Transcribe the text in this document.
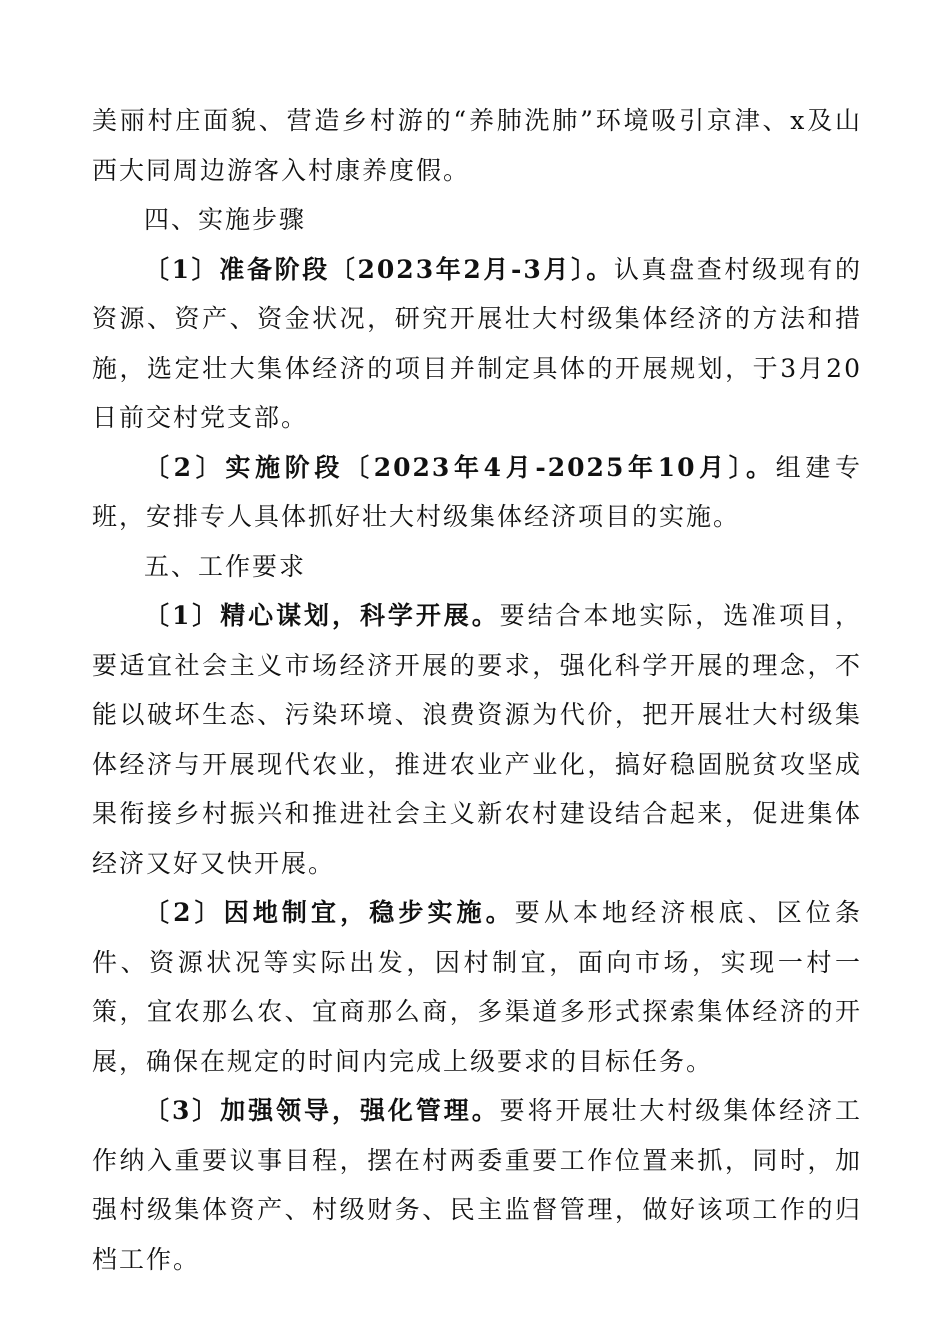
美丽村庄面貌、营造乡村游的“养肺洗肺”环境吸引京津、x及山西大同周边游客入村康养度假。

四、实施步骤

〔1〕准备阶段〔2023年2月-3月〕。认真盘查村级现有的资源、资产、资金状况，研究开展壮大村级集体经济的方法和措施，选定壮大集体经济的项目并制定具体的开展规划，于3月20日前交村党支部。

〔2〕实施阶段〔2023年4月-2025年10月〕。组建专班，安排专人具体抓好壮大村级集体经济项目的实施。

五、工作要求

〔1〕精心谋划，科学开展。要结合本地实际，选准项目，要适宜社会主义市场经济开展的要求，强化科学开展的理念，不能以破坏生态、污染环境、浪费资源为代价，把开展壮大村级集体经济与开展现代农业，推进农业产业化，搞好稳固脱贫攻坚成果衔接乡村振兴和推进社会主义新农村建设结合起来，促进集体经济又好又快开展。

〔2〕因地制宜，稳步实施。要从本地经济根底、区位条件、资源状况等实际出发，因村制宜，面向市场，实现一村一策，宜农那么农、宜商那么商，多渠道多形式探索集体经济的开展，确保在规定的时间内完成上级要求的目标任务。

〔3〕加强领导，强化管理。要将开展壮大村级集体经济工作纳入重要议事目程，摆在村两委重要工作位置来抓，同时，加强村级集体资产、村级财务、民主监督管理，做好该项工作的归档工作。
